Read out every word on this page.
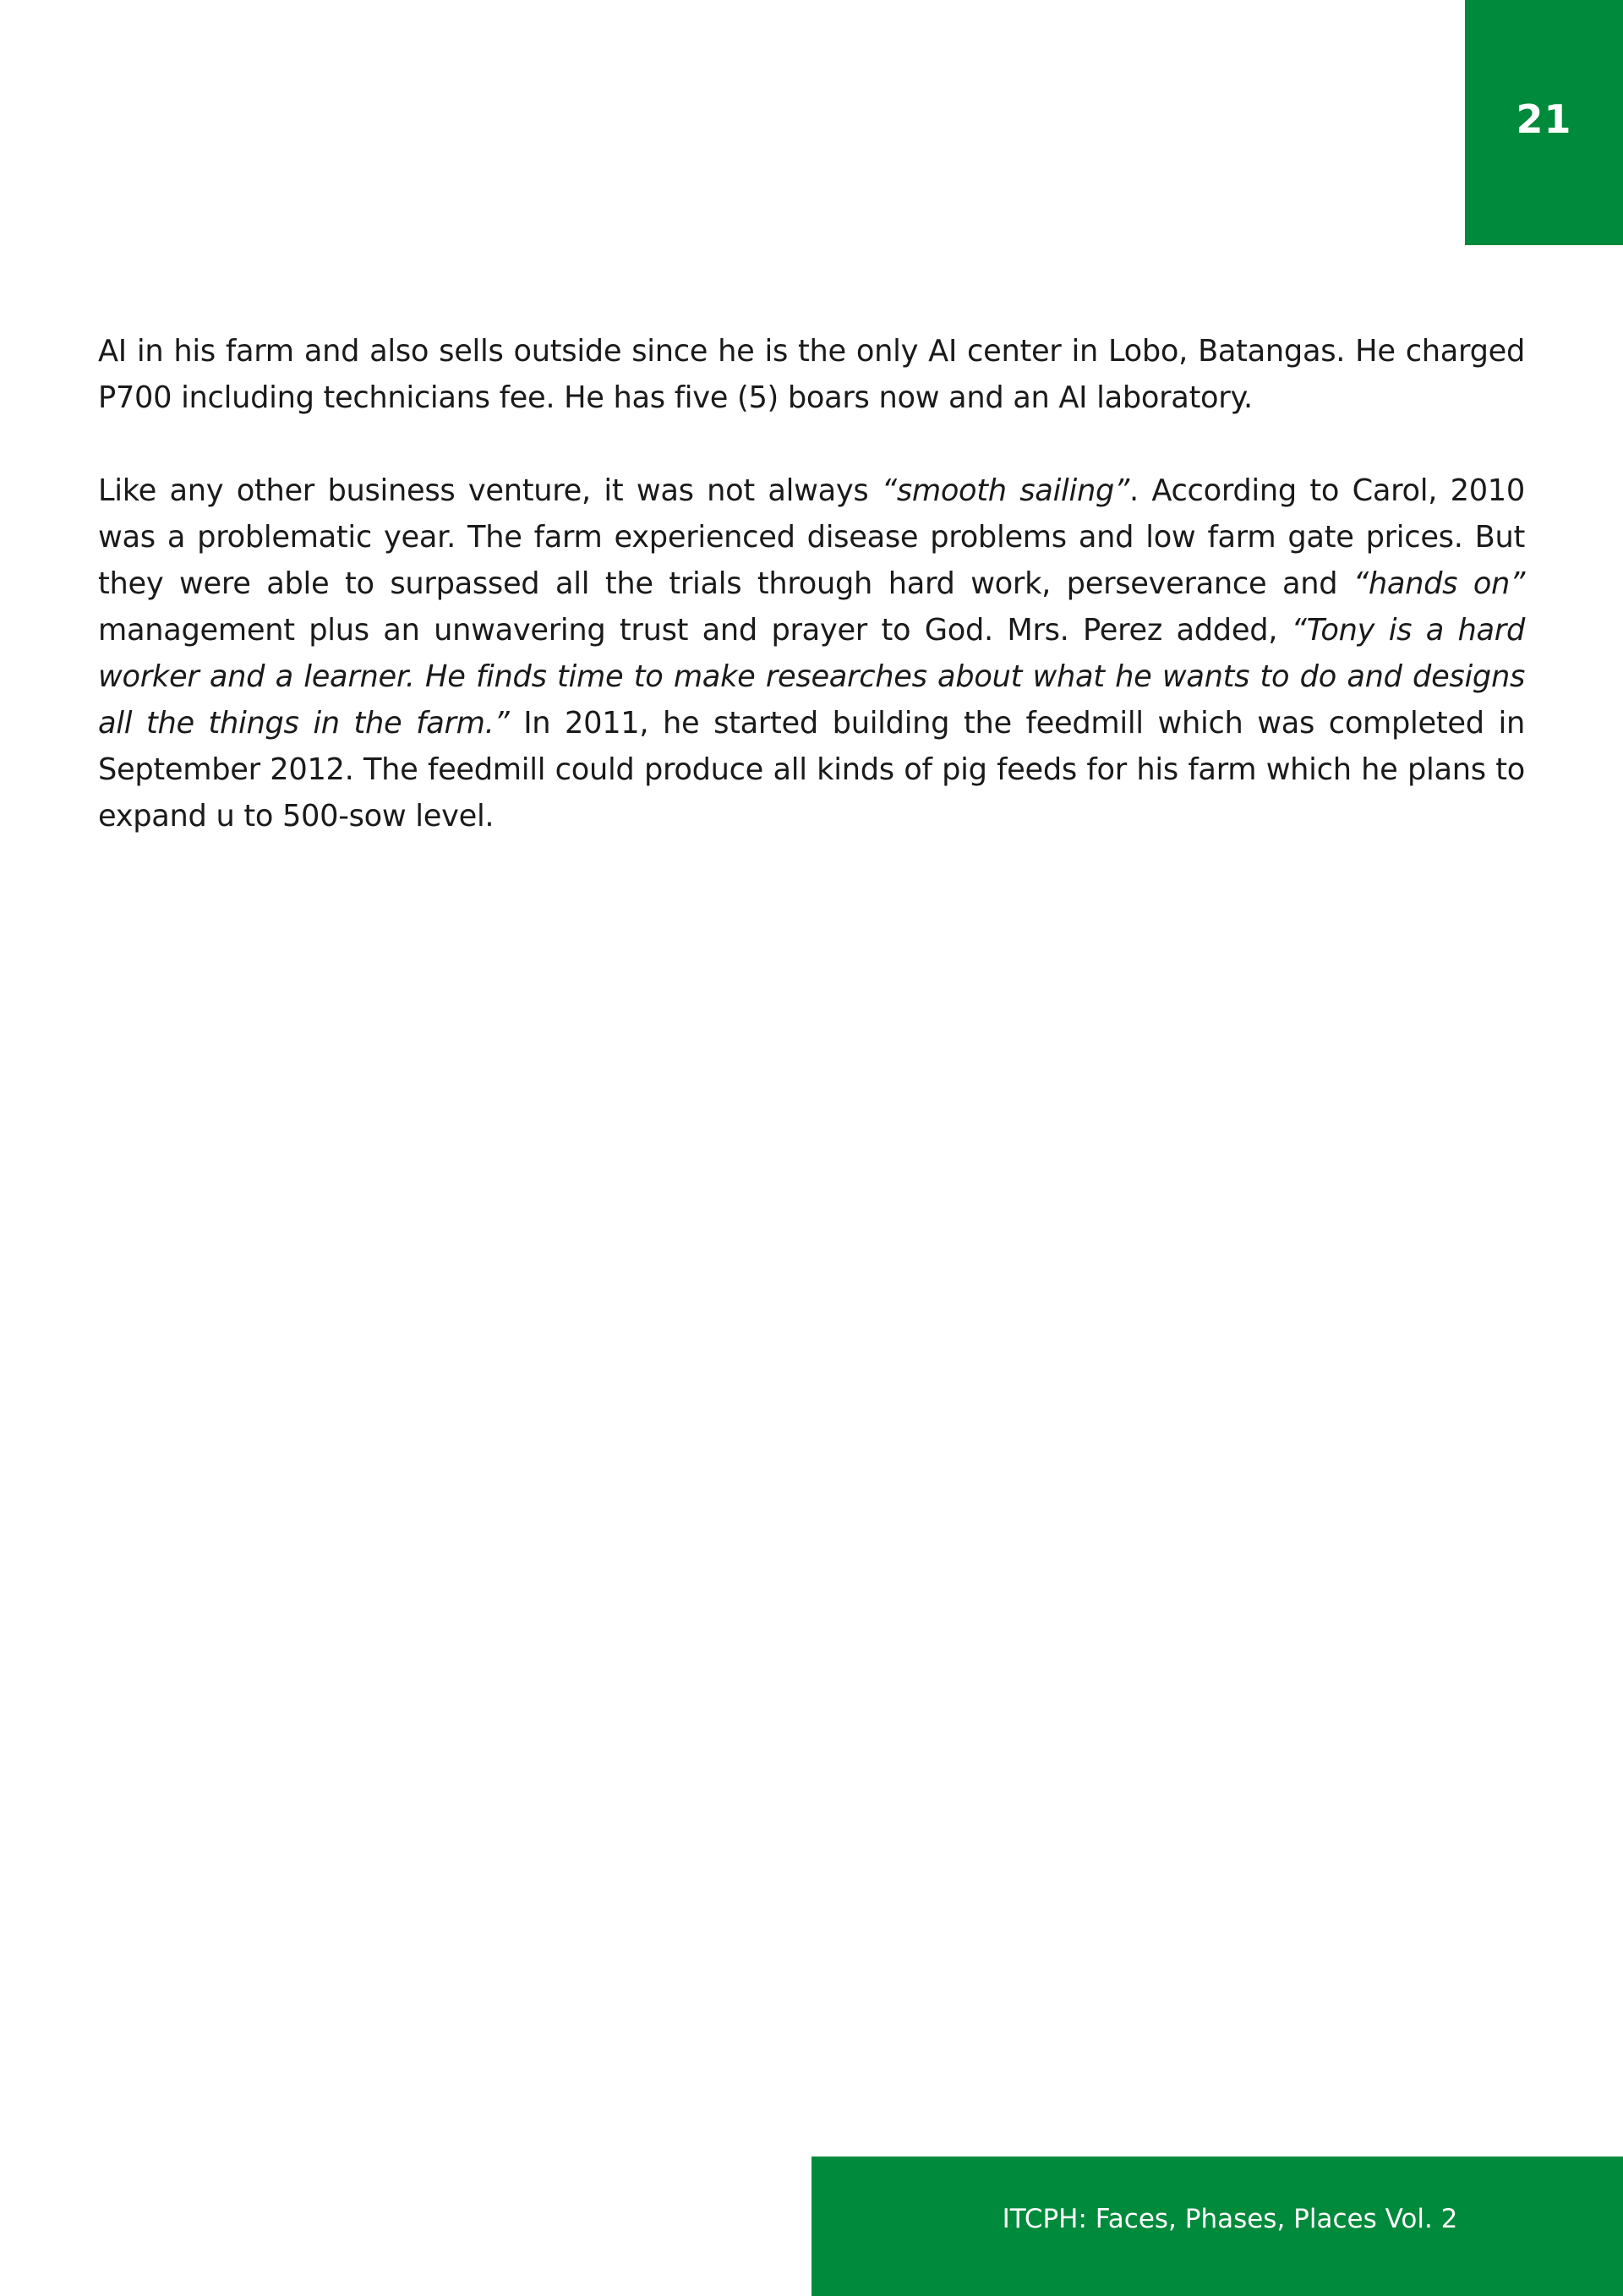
21

AI in his farm and also sells outside since he is the only AI center in Lobo, Batangas. He charged P700 including technicians fee. He has five (5) boars now and an AI laboratory.

Like any other business venture, it was not always “smooth sailing”. According to Carol, 2010 was a problematic year. The farm experienced disease problems and low farm gate prices. But they were able to surpassed all the trials through hard work, perseverance and “hands on” management plus an unwavering trust and prayer to God. Mrs. Perez added, “Tony is a hard worker and a learner. He finds time to make researches about what he wants to do and designs all the things in the farm.” In 2011, he started building the feedmill which was completed in September 2012. The feedmill could produce all kinds of pig feeds for his farm which he plans to expand u to 500-sow level.

ITCPH: Faces, Phases, Places Vol. 2
